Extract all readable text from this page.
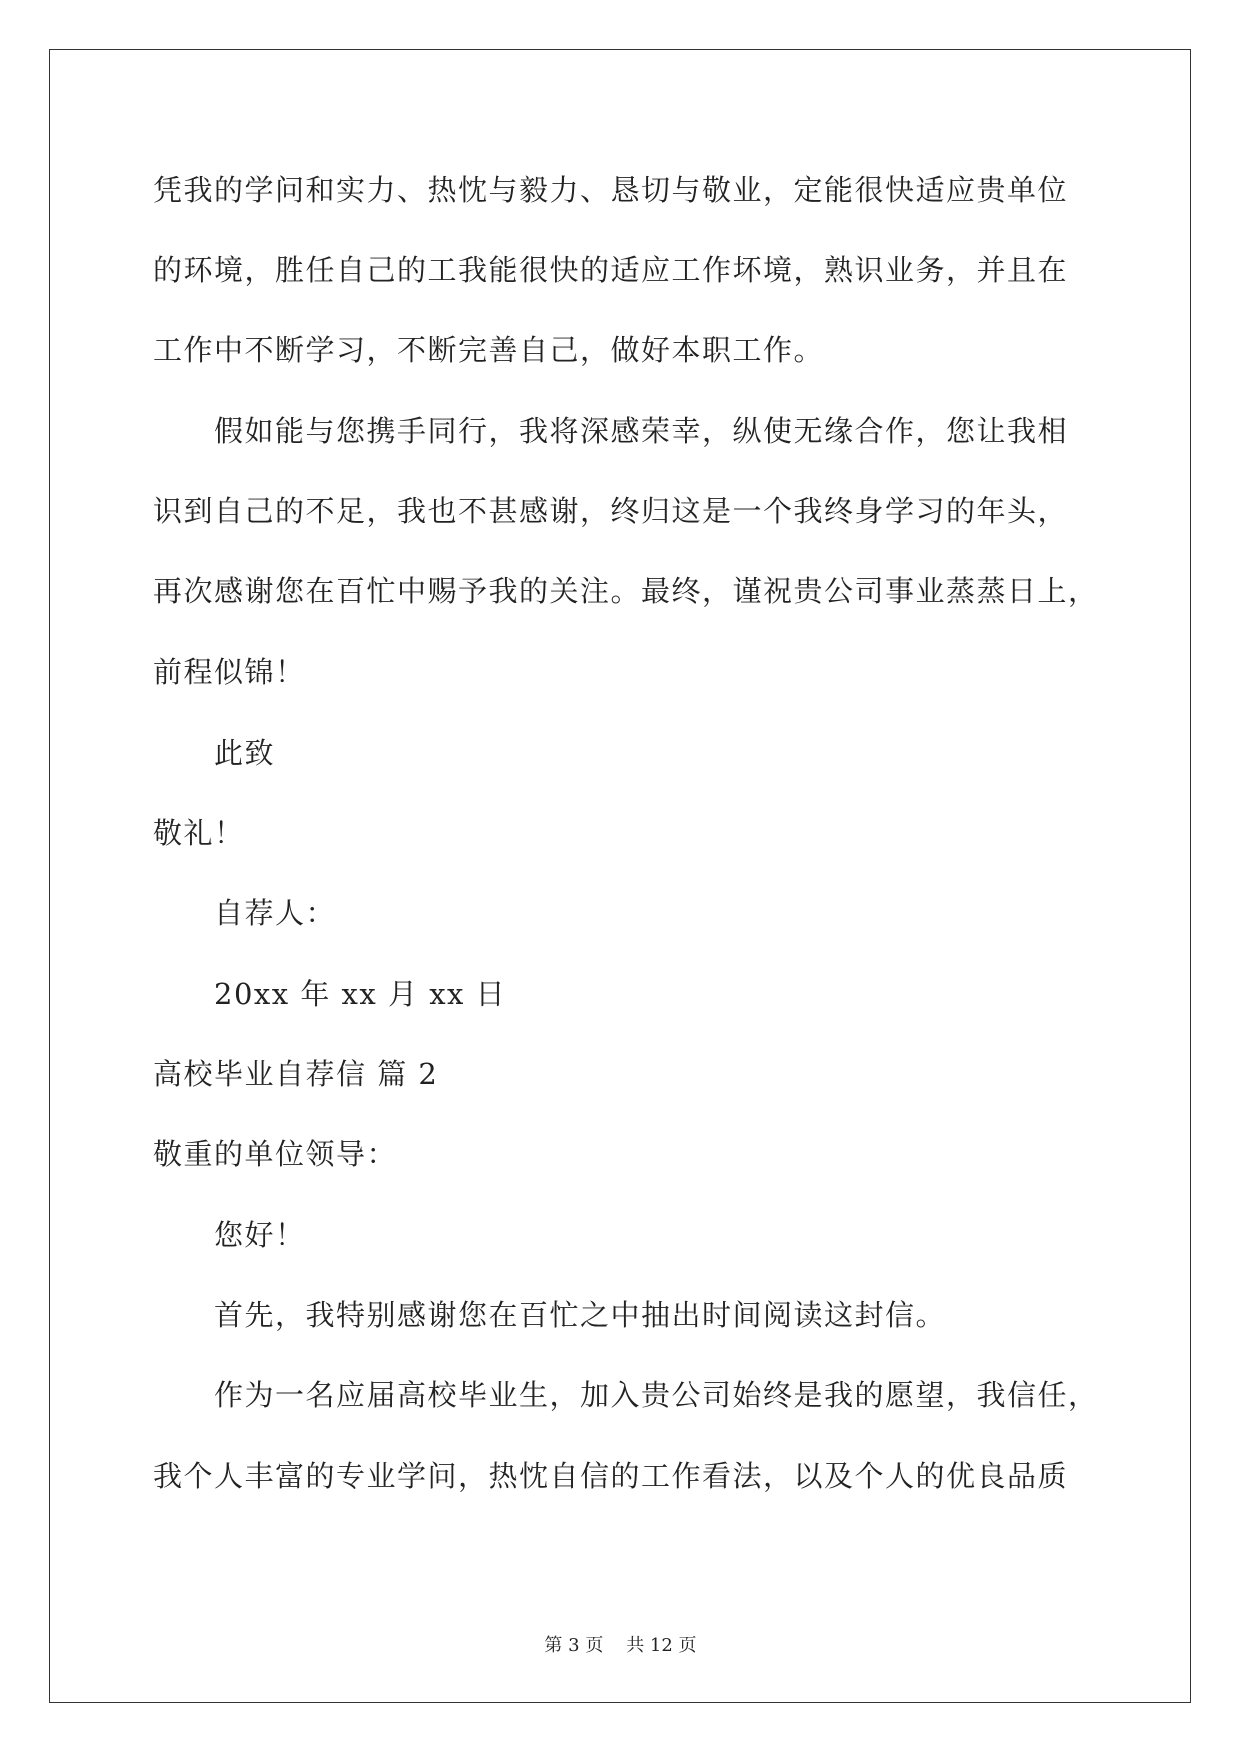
凭我的学问和实力、热忱与毅力、恳切与敬业，定能很快适应贵单位
的环境，胜任自己的工我能很快的适应工作坏境，熟识业务，并且在
工作中不断学习，不断完善自己，做好本职工作。
假如能与您携手同行，我将深感荣幸，纵使无缘合作，您让我相
识到自己的不足，我也不甚感谢，终归这是一个我终身学习的年头，
再次感谢您在百忙中赐予我的关注。最终，谨祝贵公司事业蒸蒸日上，
前程似锦！
此致
敬礼！
自荐人：
20xx 年 xx 月 xx 日
高校毕业自荐信 篇 2
敬重的单位领导：
您好！
首先，我特别感谢您在百忙之中抽出时间阅读这封信。
作为一名应届高校毕业生，加入贵公司始终是我的愿望，我信任，
我个人丰富的专业学问，热忱自信的工作看法，以及个人的优良品质
第 3 页    共 12 页
